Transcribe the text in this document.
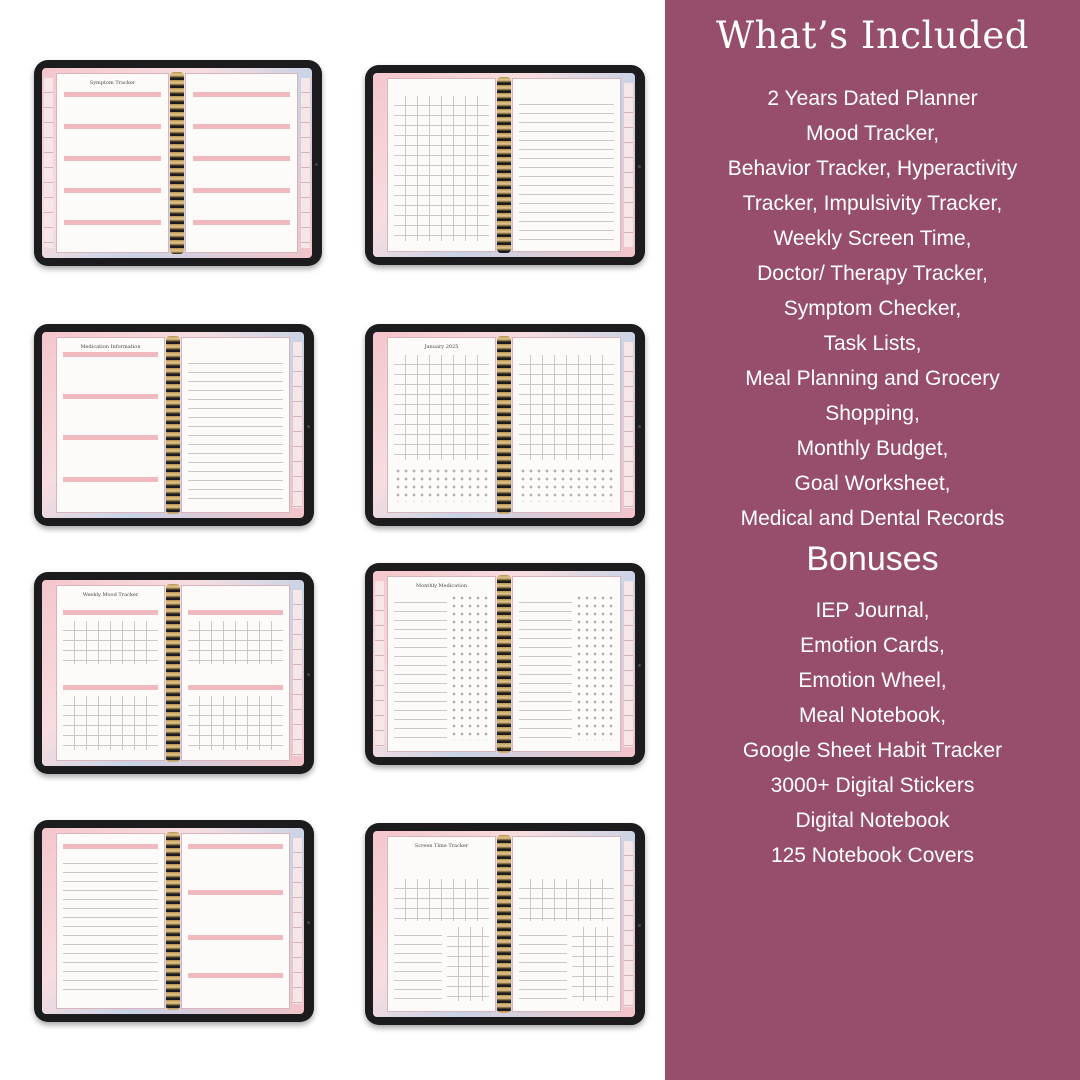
Symptom Tracker
Medication Information	January 2025
Weekly Mood Tracker
Monthly Medication
Screen Time Tracker
What’s Included
2 Years Dated Planner
Mood Tracker,
Behavior Tracker, Hyperactivity
Tracker, Impulsivity Tracker,
Weekly Screen Time,
Doctor/ Therapy Tracker,
Symptom Checker,
Task Lists,
Meal Planning and Grocery
Shopping,
Monthly Budget,
Goal Worksheet,
Medical and Dental Records
Bonuses
IEP Journal,
Emotion Cards,
Emotion Wheel,
Meal Notebook,
Google Sheet Habit Tracker
3000+ Digital Stickers
Digital Notebook
125 Notebook Covers
